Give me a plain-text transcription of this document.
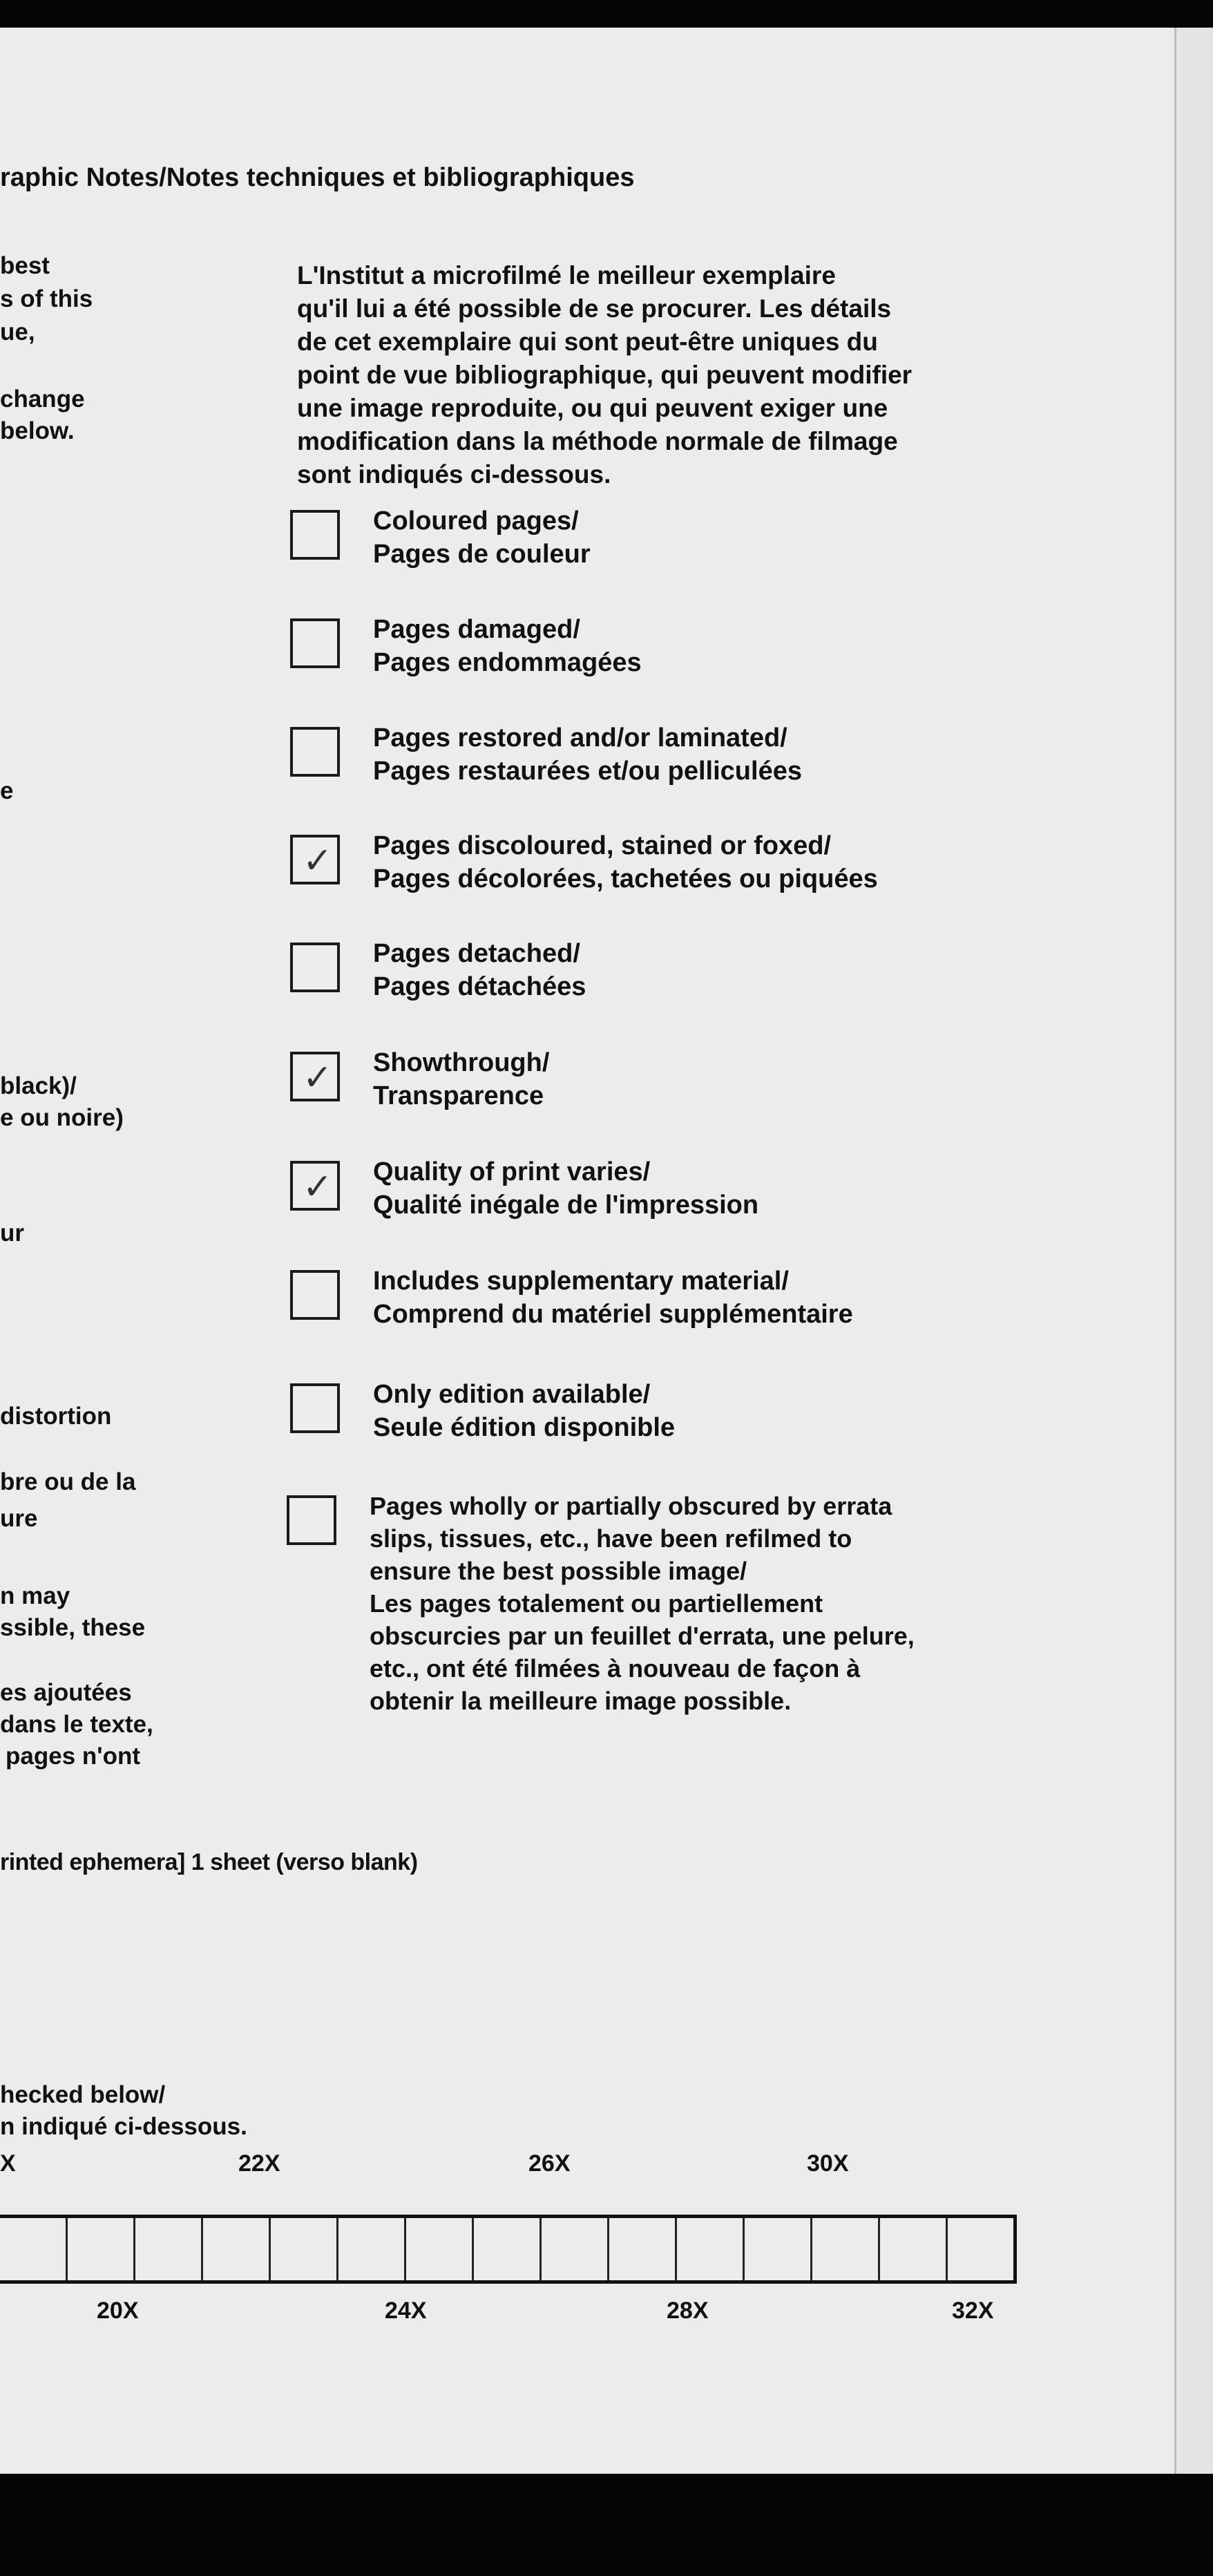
raphic Notes/Notes techniques et bibliographiques
best
s of this
ue,
change
below.
e
black)/
e ou noire)
ur
distortion
bre ou de la
ure
n may
ssible, these
es ajoutées
dans le texte,
pages n'ont
L'Institut a microfilmé le meilleur exemplaire
qu'il lui a été possible de se procurer. Les détails
de cet exemplaire qui sont peut-être uniques du
point de vue bibliographique, qui peuvent modifier
une image reproduite, ou qui peuvent exiger une
modification dans la méthode normale de filmage
sont indiqués ci-dessous.
Coloured pages/
Pages de couleur
Pages damaged/
Pages endommagées
Pages restored and/or laminated/
Pages restaurées et/ou pelliculées
✓ Pages discoloured, stained or foxed/
Pages décolorées, tachetées ou piquées
Pages detached/
Pages détachées
✓ Showthrough/
Transparence
✓ Quality of print varies/
Qualité inégale de l'impression
Includes supplementary material/
Comprend du matériel supplémentaire
Only edition available/
Seule édition disponible
Pages wholly or partially obscured by errata
slips, tissues, etc., have been refilmed to
ensure the best possible image/
Les pages totalement ou partiellement
obscurcies par un feuillet d'errata, une pelure,
etc., ont été filmées à nouveau de façon à
obtenir la meilleure image possible.
rinted ephemera] 1 sheet (verso blank)
hecked below/
n indiqué ci-dessous.
X	22X	26X	30X
20X	24X	28X	32X
